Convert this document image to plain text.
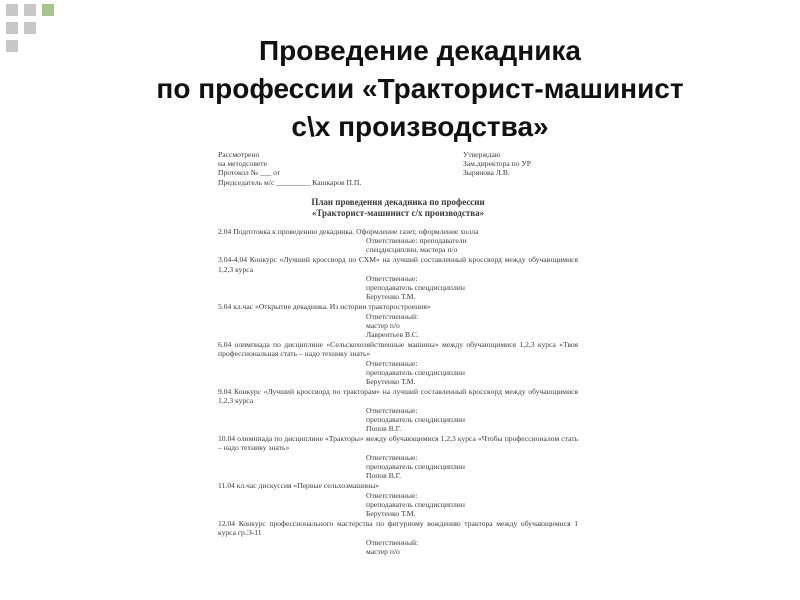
Проведение декадника
по профессии «Тракторист-машинист
с\х производства»
Рассмотрено
на методсовете
Протокол № ___ от
Председатель м/с _________ Кашкаров П.П.
Утверждаю
Зам.директора по УР
Зырянова Л.В.
План проведения декадника по профессии
«Тракторист-машинист с/х производства»
2.04 Подготовка к проведению декадника. Оформление газет, оформление холла
Ответственные: преподаватели
спецдисциплин, мастера п/о
3.04-4.04 Конкурс «Лучший кроссворд по СХМ» на лучший составленный кроссворд между обучающимися 1,2,3 курса
Ответственные:
преподаватель спецдисциплин
Берутенко Т.М.
5.04 кл.час «Открытие декадника. Из истории тракторостроения»
Ответственный:
мастер п/о
Лаврентьев В.С.
6.04 олимпиада по дисциплине «Сельскохозяйственные машины» между обучающимися 1,2,3 курса «Твоя профессиональная стать – надо технику знать»
Ответственные:
преподаватель спецдисциплин
Берутенко Т.М.
9.04 Конкурс «Лучший кроссворд по тракторам» на лучший составленный кроссворд между обучающимися 1,2,3 курса
Ответственные:
преподаватель спецдисциплин
Попов В.Г.
10.04 олимпиада по дисциплине «Тракторы» между обучающимися 1,2,3 курса «Чтобы профессионалом стать – надо технику знать»
Ответственные:
преподаватель спецдисциплин
Попов В.Г.
11.04 кл.час дискуссия «Первые сельхозмашины»
Ответственные:
преподаватель спецдисциплин
Берутенко Т.М.
12.04 Конкурс профессионального мастерства по фигурному вождению трактора между обучающимися 1 курса гр.Э-11
Ответственный:
мастер п/о
